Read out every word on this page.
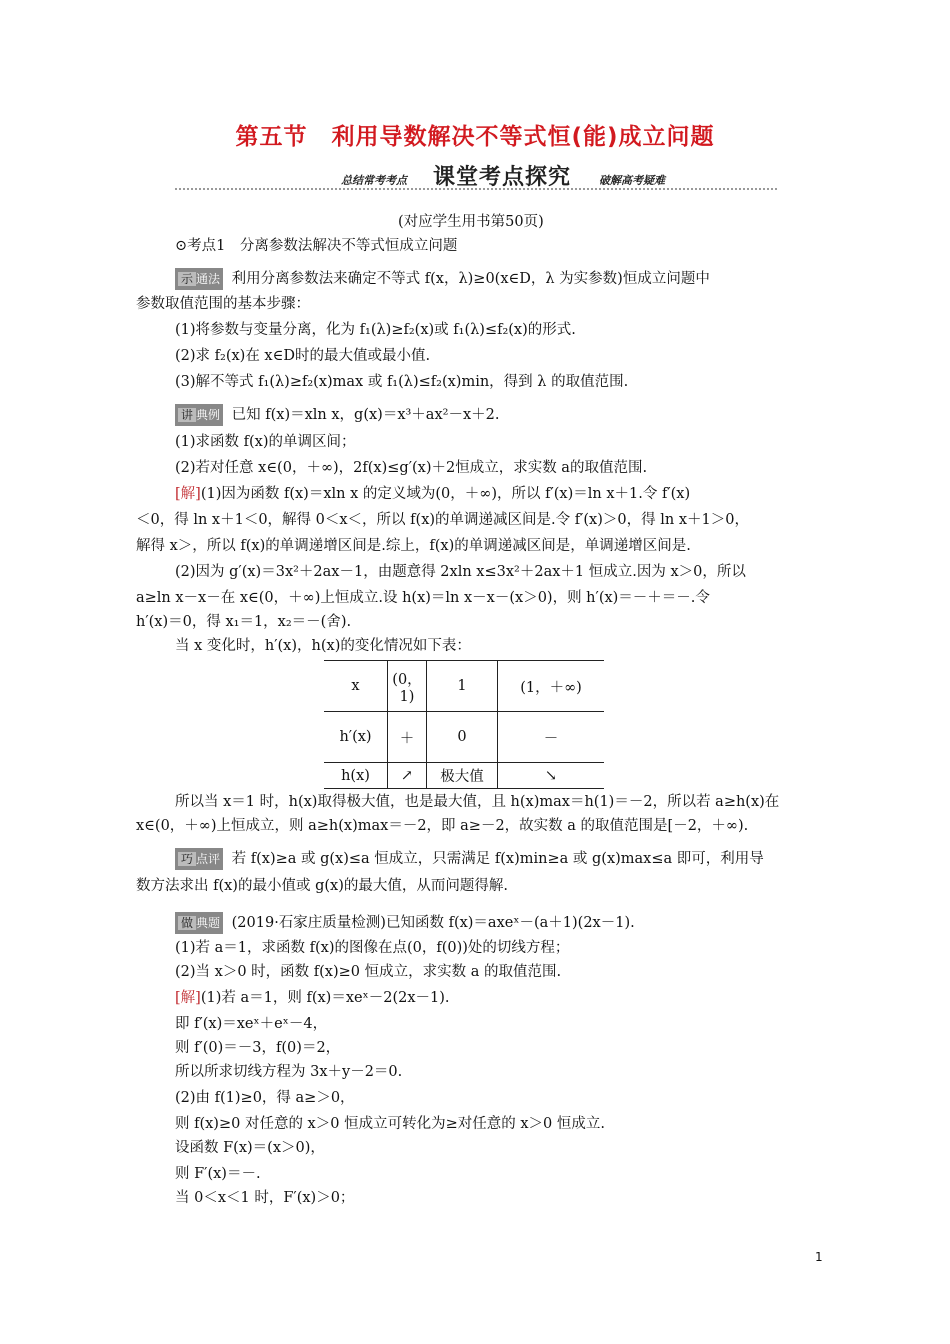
第五节　利用导数解决不等式恒(能)成立问题
总结常考考点 课堂考点探究	破解高考疑难
(对应学生用书第50页)
⊙考点1　分离参数法解决不等式恒成立问题
示 通法 利用分离参数法来确定不等式 f(x，λ)≥0(x∈D，λ 为实参数)恒成立问题中
参数取值范围的基本步骤：
(1)将参数与变量分离，化为 f₁(λ)≥f₂(x)或 f₁(λ)≤f₂(x)的形式.
(2)求 f₂(x)在 x∈D时的最大值或最小值.
(3)解不等式 f₁(λ)≥f₂(x)max 或 f₁(λ)≤f₂(x)min，得到 λ 的取值范围.
讲 典例 已知 f(x)＝xln x，g(x)＝x³＋ax²－x＋2.
(1)求函数 f(x)的单调区间；
(2)若对任意 x∈(0，＋∞)，2f(x)≤g′(x)＋2恒成立，求实数 a的取值范围.
[解](1)因为函数 f(x)＝xln x 的定义域为(0，＋∞)，所以 f′(x)＝ln x＋1.令 f′(x)
＜0，得 ln x＋1＜0，解得 0＜x＜，所以 f(x)的单调递减区间是.令 f′(x)＞0，得 ln x＋1＞0，
解得 x＞，所以 f(x)的单调递增区间是.综上，f(x)的单调递减区间是，单调递增区间是.
(2)因为 g′(x)＝3x²＋2ax－1，由题意得 2xln x≤3x²＋2ax＋1 恒成立.因为 x＞0，所以
a≥ln x－x－在 x∈(0，＋∞)上恒成立.设 h(x)＝ln x－x－(x＞0)，则 h′(x)＝－＋＝－.令
h′(x)＝0，得 x₁＝1，x₂＝－(舍).
当 x 变化时，h′(x)，h(x)的变化情况如下表：
x	(0，1)	1	(1，＋∞)
h′(x)	＋	0	－
h(x)	↗	极大值	↘
所以当 x＝1 时，h(x)取得极大值，也是最大值，且 h(x)max＝h(1)＝－2，所以若 a≥h(x)在
x∈(0，＋∞)上恒成立，则 a≥h(x)max＝－2，即 a≥－2，故实数 a 的取值范围是[－2，＋∞).
巧 点评 若 f(x)≥a 或 g(x)≤a 恒成立，只需满足 f(x)min≥a 或 g(x)max≤a 即可，利用导
数方法求出 f(x)的最小值或 g(x)的最大值，从而问题得解.
做 典题 (2019·石家庄质量检测)已知函数 f(x)＝axeˣ－(a＋1)(2x－1).
(1)若 a＝1，求函数 f(x)的图像在点(0，f(0))处的切线方程；
(2)当 x＞0 时，函数 f(x)≥0 恒成立，求实数 a 的取值范围.
[解](1)若 a＝1，则 f(x)＝xeˣ－2(2x－1).
即 f′(x)＝xeˣ＋eˣ－4，
则 f′(0)＝－3，f(0)＝2，
所以所求切线方程为 3x＋y－2＝0.
(2)由 f(1)≥0，得 a≥＞0，
则 f(x)≥0 对任意的 x＞0 恒成立可转化为≥对任意的 x＞0 恒成立.
设函数 F(x)＝(x＞0)，
则 F′(x)＝－.
当 0＜x＜1 时，F′(x)＞0；
1
